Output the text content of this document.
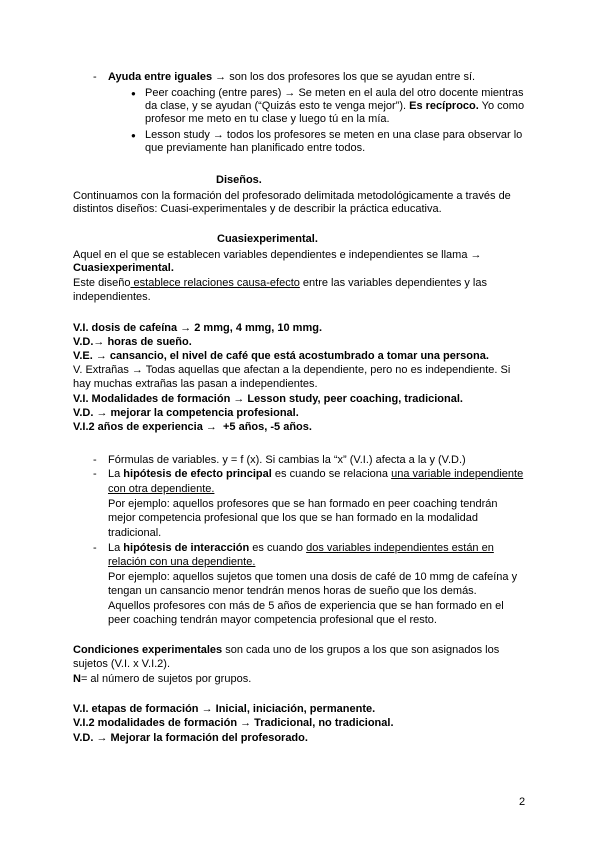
- Ayuda entre iguales → son los dos profesores los que se ayudan entre sí.
● Peer coaching (entre pares) → Se meten en el aula del otro docente mientras
da clase, y se ayudan (“Quizás esto te venga mejor”). Es recíproco. Yo como
profesor me meto en tu clase y luego tú en la mía.
● Lesson study → todos los profesores se meten en una clase para observar lo
que previamente han planificado entre todos.
Diseños.
Continuamos con la formación del profesorado delimitada metodológicamente a través de
distintos diseños: Cuasi-experimentales y de describir la práctica educativa.
Cuasiexperimental.
Aquel en el que se establecen variables dependientes e independientes se llama →
Cuasiexperimental.
Este diseño establece relaciones causa-efecto entre las variables dependientes y las
independientes.
V.I. dosis de cafeína → 2 mmg, 4 mmg, 10 mmg.
V.D.→ horas de sueño.
V.E. → cansancio, el nivel de café que está acostumbrado a tomar una persona.
V. Extrañas → Todas aquellas que afectan a la dependiente, pero no es independiente. Si
hay muchas extrañas las pasan a independientes.
V.I. Modalidades de formación → Lesson study, peer coaching, tradicional.
V.D. → mejorar la competencia profesional.
V.I.2 años de experiencia →  +5 años, -5 años.
- Fórmulas de variables. y = f (x). Si cambias la “x” (V.I.) afecta a la y (V.D.)
- La hipótesis de efecto principal es cuando se relaciona una variable independiente
con otra dependiente.
Por ejemplo: aquellos profesores que se han formado en peer coaching tendrán
mejor competencia profesional que los que se han formado en la modalidad
tradicional.
- La hipótesis de interacción es cuando dos variables independientes están en
relación con una dependiente.
Por ejemplo: aquellos sujetos que tomen una dosis de café de 10 mmg de cafeína y
tengan un cansancio menor tendrán menos horas de sueño que los demás.
Aquellos profesores con más de 5 años de experiencia que se han formado en el
peer coaching tendrán mayor competencia profesional que el resto.
Condiciones experimentales son cada uno de los grupos a los que son asignados los
sujetos (V.I. x V.I.2).
N= al número de sujetos por grupos.
V.I. etapas de formación → Inicial, iniciación, permanente.
V.I.2 modalidades de formación → Tradicional, no tradicional.
V.D. → Mejorar la formación del profesorado.
2
